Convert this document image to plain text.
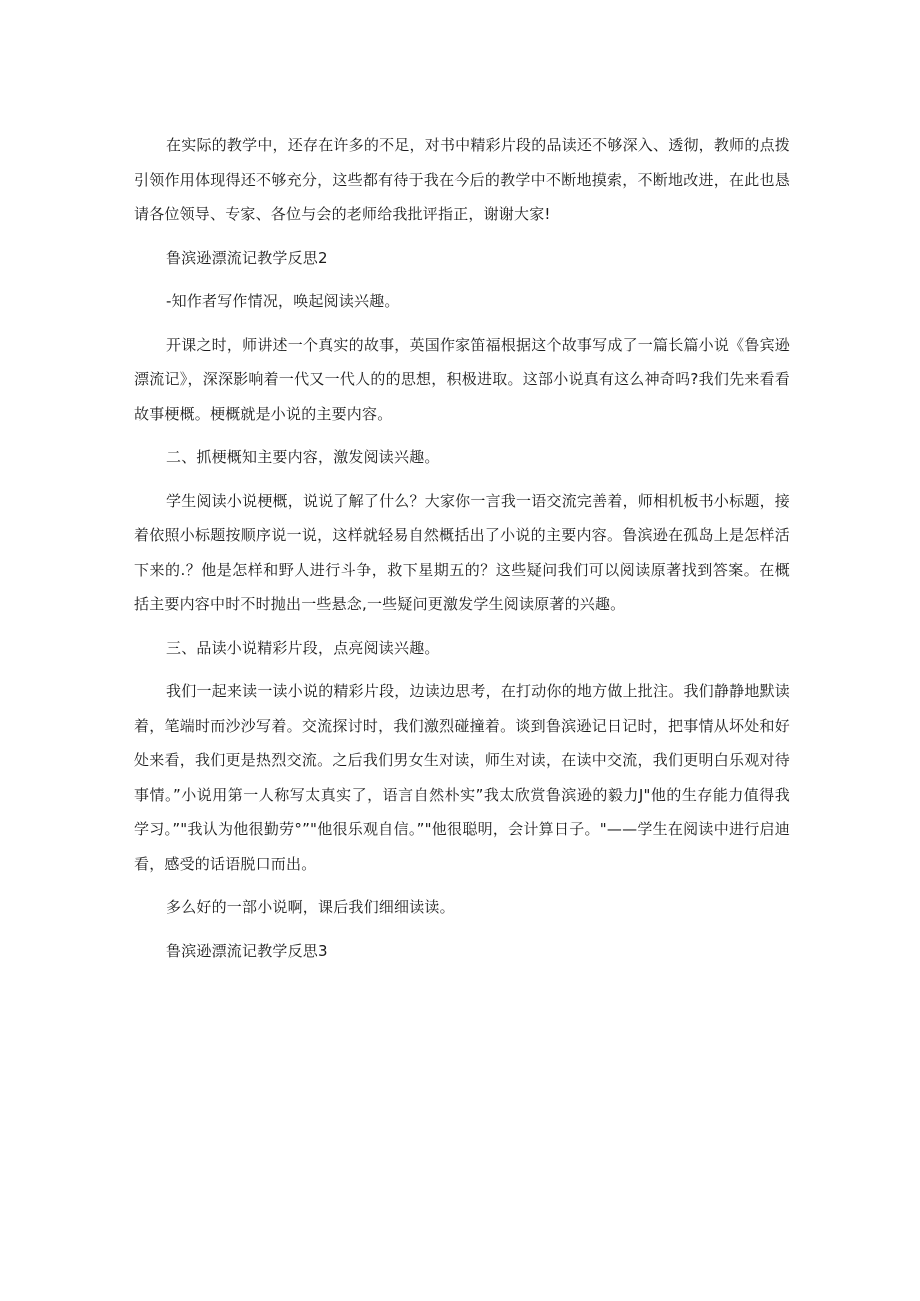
在实际的教学中，还存在许多的不足，对书中精彩片段的品读还不够深入、透彻，教师的点拨引领作用体现得还不够充分，这些都有待于我在今后的教学中不断地摸索，不断地改进，在此也恳请各位领导、专家、各位与会的老师给我批评指正，谢谢大家!

鲁滨逊漂流记教学反思2

-知作者写作情况，唤起阅读兴趣。

开课之时，师讲述一个真实的故事，英国作家笛福根据这个故事写成了一篇长篇小说《鲁宾逊漂流记》，深深影响着一代又一代人的的思想，积极进取。这部小说真有这么神奇吗?我们先来看看故事梗概。梗概就是小说的主要内容。

二、抓梗概知主要内容，激发阅读兴趣。

学生阅读小说梗概，说说了解了什么？大家你一言我一语交流完善着，师相机板书小标题，接着依照小标题按顺序说一说，这样就轻易自然概括出了小说的主要内容。鲁滨逊在孤岛上是怎样活下来的.？他是怎样和野人进行斗争，救下星期五的？这些疑问我们可以阅读原著找到答案。在概括主要内容中时不时抛出一些悬念,一些疑问更激发学生阅读原著的兴趣。

三、品读小说精彩片段，点亮阅读兴趣。

我们一起来读一读小说的精彩片段，边读边思考，在打动你的地方做上批注。我们静静地默读着，笔端时而沙沙写着。交流探讨时，我们激烈碰撞着。谈到鲁滨逊记日记时，把事情从坏处和好处来看，我们更是热烈交流。之后我们男女生对读，师生对读，在读中交流，我们更明白乐观对待事情。”小说用第一人称写太真实了，语言自然朴实”我太欣赏鲁滨逊的毅力J"他的生存能力值得我学习。”"我认为他很勤劳°”"他很乐观自信。”"他很聪明，会计算日子。"——学生在阅读中进行启迪看，感受的话语脱口而出。

多么好的一部小说啊，课后我们细细读读。

鲁滨逊漂流记教学反思3
